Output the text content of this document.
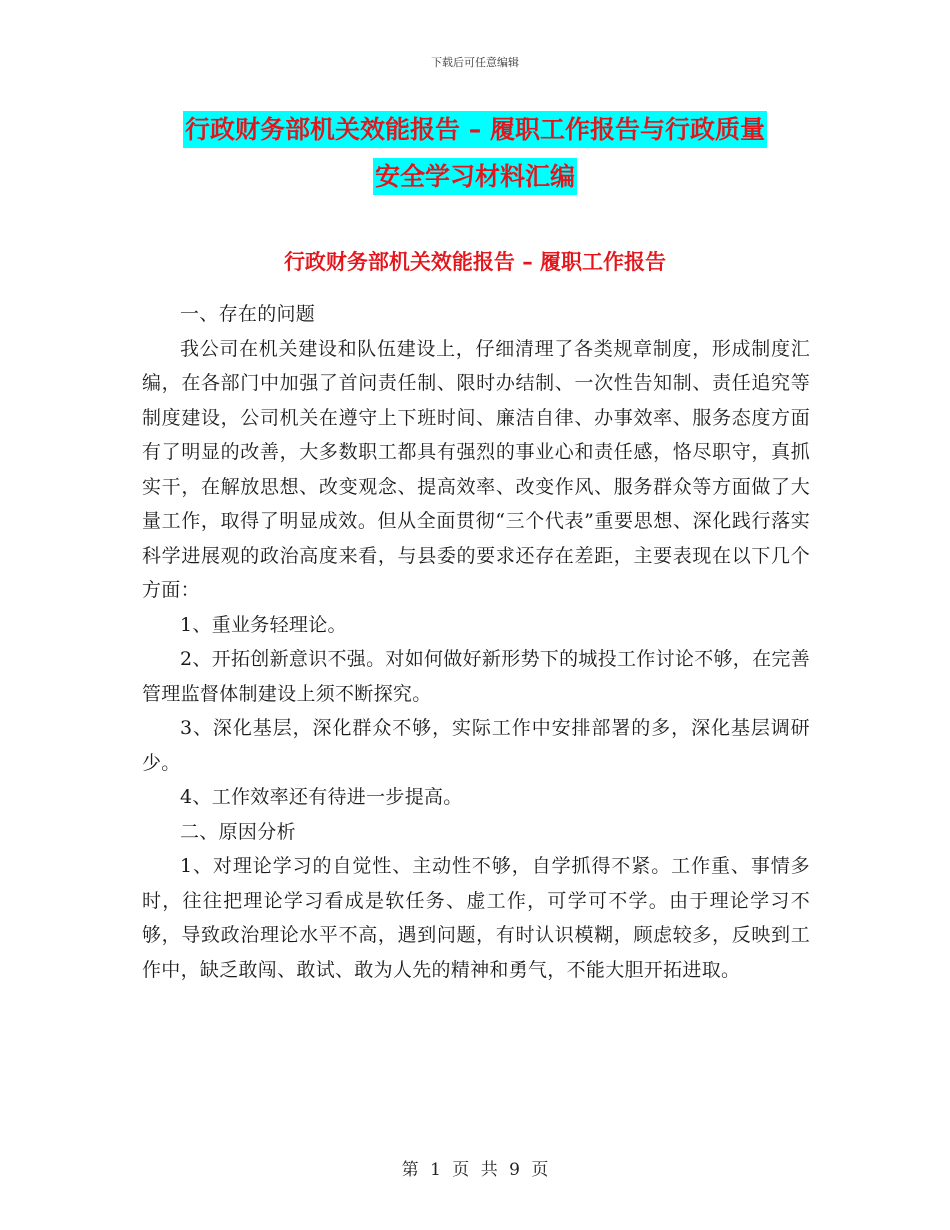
下载后可任意编辑
行政财务部机关效能报告 – 履职工作报告与行政质量
安全学习材料汇编
行政财务部机关效能报告 – 履职工作报告

一、存在的问题

我公司在机关建设和队伍建设上，仔细清理了各类规章制度，形成制度汇编，在各部门中加强了首问责任制、限时办结制、一次性告知制、责任追究等制度建设，公司机关在遵守上下班时间、廉洁自律、办事效率、服务态度方面有了明显的改善，大多数职工都具有强烈的事业心和责任感，恪尽职守，真抓实干，在解放思想、改变观念、提高效率、改变作风、服务群众等方面做了大量工作，取得了明显成效。但从全面贯彻“三个代表”重要思想、深化践行落实科学进展观的政治高度来看，与县委的要求还存在差距，主要表现在以下几个方面：

1、重业务轻理论。

2、开拓创新意识不强。对如何做好新形势下的城投工作讨论不够，在完善管理监督体制建设上须不断探究。

3、深化基层，深化群众不够，实际工作中安排部署的多，深化基层调研少。

4、工作效率还有待进一步提高。

二、原因分析

1、对理论学习的自觉性、主动性不够，自学抓得不紧。工作重、事情多时，往往把理论学习看成是软任务、虚工作，可学可不学。由于理论学习不够，导致政治理论水平不高，遇到问题，有时认识模糊，顾虑较多，反映到工作中，缺乏敢闯、敢试、敢为人先的精神和勇气，不能大胆开拓进取。

第 1 页 共 9 页
